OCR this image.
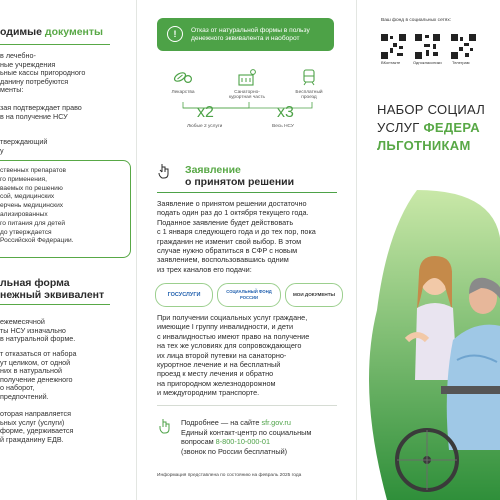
одимые документы
в лечебно-
ные учреждения
ьные кассы пригородного
данину потребуются
менты:
зая подтверждает право
в на получение НСУ
тверждающий
у
ственных препаратов
го применения,
ваемых по решению
сой, медицинских
ерчень медицинских
ализированных
го питания для детей
до утверждается
Российской Федерации.
льная форма
нежный эквивалент
ежемесячной
ты НСУ изначально
в натуральной форме.
т отказаться от набора
ут целиком, от одной
них в натуральной
получение денежного
о наборот,
предпочтений.
оторая направляется
ьных услуг (услуги)
форме, удерживается
й гражданину ЕДВ.
!	Отказ от натуральной формы в пользу денежного эквивалента и наоборот
Лекарства	Санаторно-курортная часть
Бесплатный проезд
x2
Любые 2 услуги
x3
Весь НСУ
Заявление
о принятом решении
Заявление о принятом решении достаточно
подать один раз до 1 октября текущего года.
Поданное заявление будет действовать
с 1 января следующего года и до тех пор, пока
гражданин не изменит свой выбор. В этом
случае нужно обратиться в СФР с новым
заявлением, воспользовавшись одним
из трех каналов его подачи:
ГОСУСЛУГИ
СОЦИАЛЬНЫЙ ФОНД РОССИИ
МОИ ДОКУМЕНТЫ
При получении социальных услуг гражданe,
имеющие I группу инвалидности, и дети
с инвалидностью имеют право на получение
на тех же условиях для сопровождающего
их лица второй путевки на санаторно-
курортное лечение и на бесплатный
проезд к месту лечения и обратно
на пригородном железнодорожном
и междугородним транспорте.
Подробнее — на сайте sfr.gov.ru
Единый контакт-центр по социальным
вопросам 8-800-10-000-01
(звонок по России бесплатный)
Информация представлена по состоянию на февраль 2025 года
Ваш фонд в социальных сетях:
ВКонтакте	Одноклассники	Телеграм
НАБОР СОЦИАЛ
УСЛУГ ФЕДЕРА
ЛЬГОТНИКАМ
